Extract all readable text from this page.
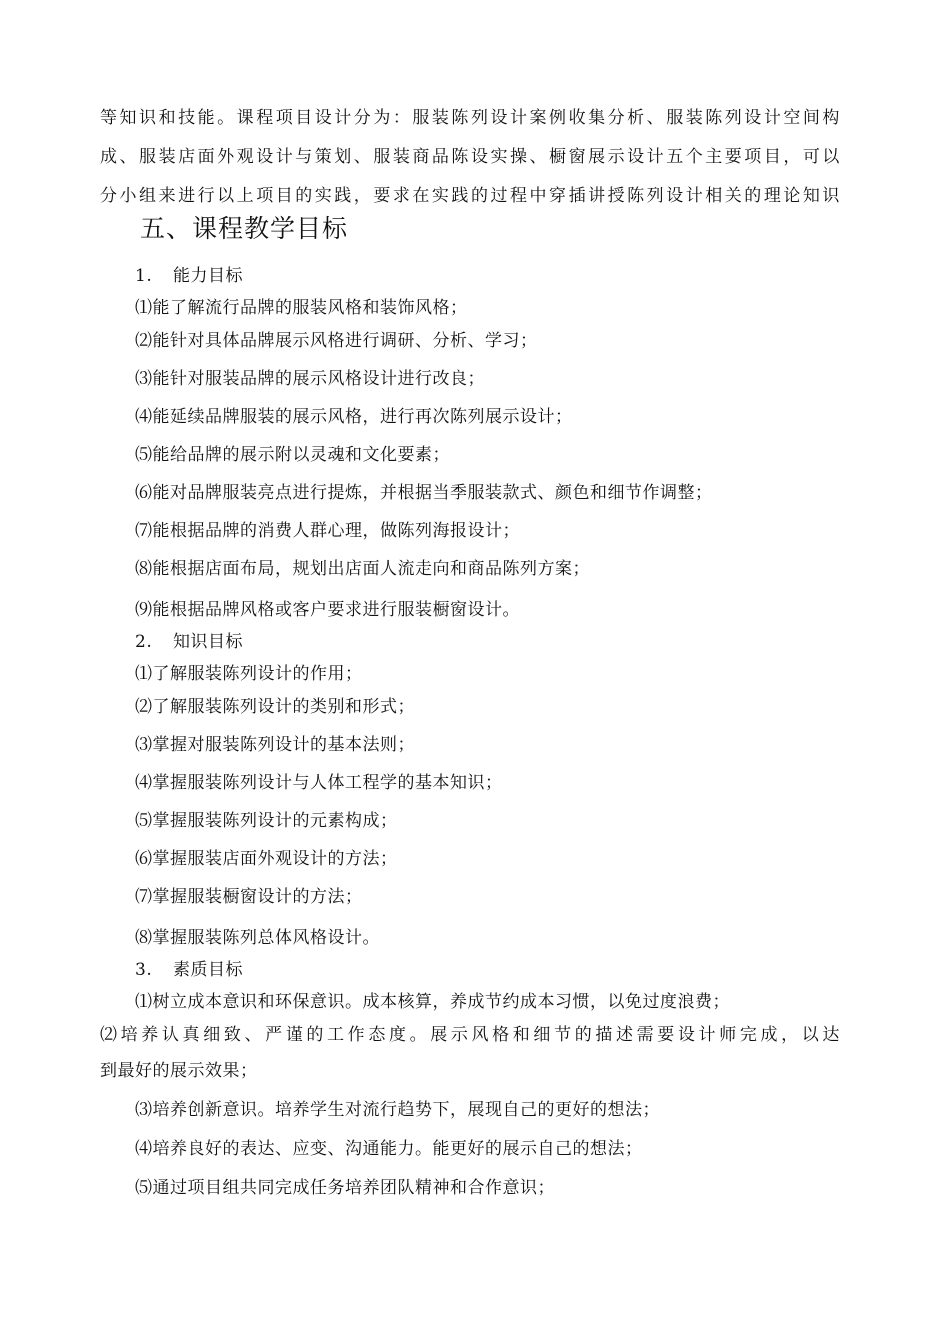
等知识和技能。课程项目设计分为：服装陈列设计案例收集分析、服装陈列设计空间构
成、服装店面外观设计与策划、服装商品陈设实操、橱窗展示设计五个主要项目，可以
分小组来进行以上项目的实践，要求在实践的过程中穿插讲授陈列设计相关的理论知识
五、课程教学目标
1. 能力目标
⑴能了解流行品牌的服装风格和装饰风格；
⑵能针对具体品牌展示风格进行调研、分析、学习；
⑶能针对服装品牌的展示风格设计进行改良；
⑷能延续品牌服装的展示风格，进行再次陈列展示设计；
⑸能给品牌的展示附以灵魂和文化要素；
⑹能对品牌服装亮点进行提炼，并根据当季服装款式、颜色和细节作调整；
⑺能根据品牌的消费人群心理，做陈列海报设计；
⑻能根据店面布局，规划出店面人流走向和商品陈列方案；
⑼能根据品牌风格或客户要求进行服装橱窗设计。
2. 知识目标
⑴了解服装陈列设计的作用；
⑵了解服装陈列设计的类别和形式；
⑶掌握对服装陈列设计的基本法则；
⑷掌握服装陈列设计与人体工程学的基本知识；
⑸掌握服装陈列设计的元素构成；
⑹掌握服装店面外观设计的方法；
⑺掌握服装橱窗设计的方法；
⑻掌握服装陈列总体风格设计。
3. 素质目标
⑴树立成本意识和环保意识。成本核算，养成节约成本习惯，以免过度浪费；
⑵培养认真细致、严谨的工作态度。展示风格和细节的描述需要设计师完成，以达
到最好的展示效果；
⑶培养创新意识。培养学生对流行趋势下，展现自己的更好的想法；
⑷培养良好的表达、应变、沟通能力。能更好的展示自己的想法；
⑸通过项目组共同完成任务培养团队精神和合作意识；
